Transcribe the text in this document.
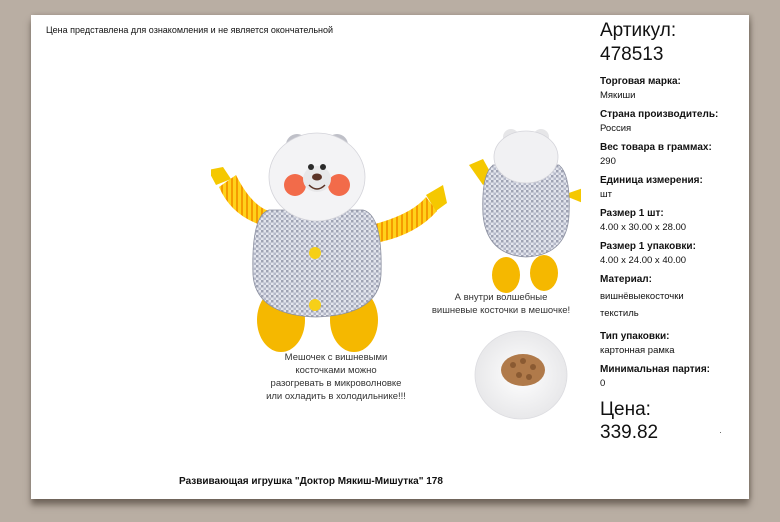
Цена представлена для ознакомления и не является окончательной
Мешочек с вишневыми
косточками можно
разогревать в микроволновке
или охладить в холодильнике!!!
А внутри волшебные
вишневые косточки в мешочке!
Развивающая игрушка "Доктор Мякиш-Мишутка" 178
Артикул:
478513
Торговая марка:
Мякиши
Страна производитель:
Россия
Вес товара в граммах:
290
Единица измерения:
шт
Размер 1 шт:
4.00 x 30.00 x 28.00
Размер 1 упаковки:
4.00 x 24.00 x 40.00
Материал:
вишнёвыекосточки
текстиль
Тип упаковки:
картонная рамка
Минимальная партия:
0
Цена:
339.82	·
